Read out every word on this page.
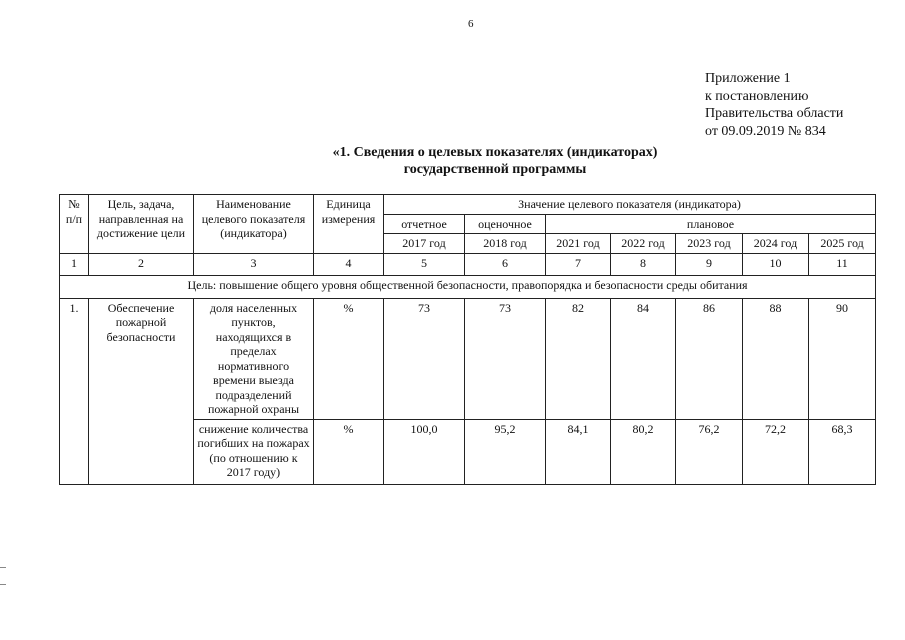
6
Приложение 1
к постановлению
Правительства области
от 09.09.2019 № 834
«1. Сведения о целевых показателях (индикаторах)
государственной программы
№ п/п	Цель, задача, направленная на достижение цели	Наименование целевого показателя (индикатора)	Единица измерения	Значение целевого показателя (индикатора)						
				отчетное	оценочное	плановое				
				2017 год	2018 год	2021 год	2022 год	2023 год	2024 год	2025 год
1	2	3	4	5	6	7	8	9	10	11
Цель: повышение общего уровня общественной безопасности, правопорядка и безопасности среды обитания										
1.	Обеспечение пожарной безопасности	доля населенных пунктов, находящихся в пределах нормативного времени выезда подразделений пожарной охраны	%	73	73	82	84	86	88	90
		снижение количества погибших на пожарах (по отношению к 2017 году)	%	100,0	95,2	84,1	80,2	76,2	72,2	68,3
